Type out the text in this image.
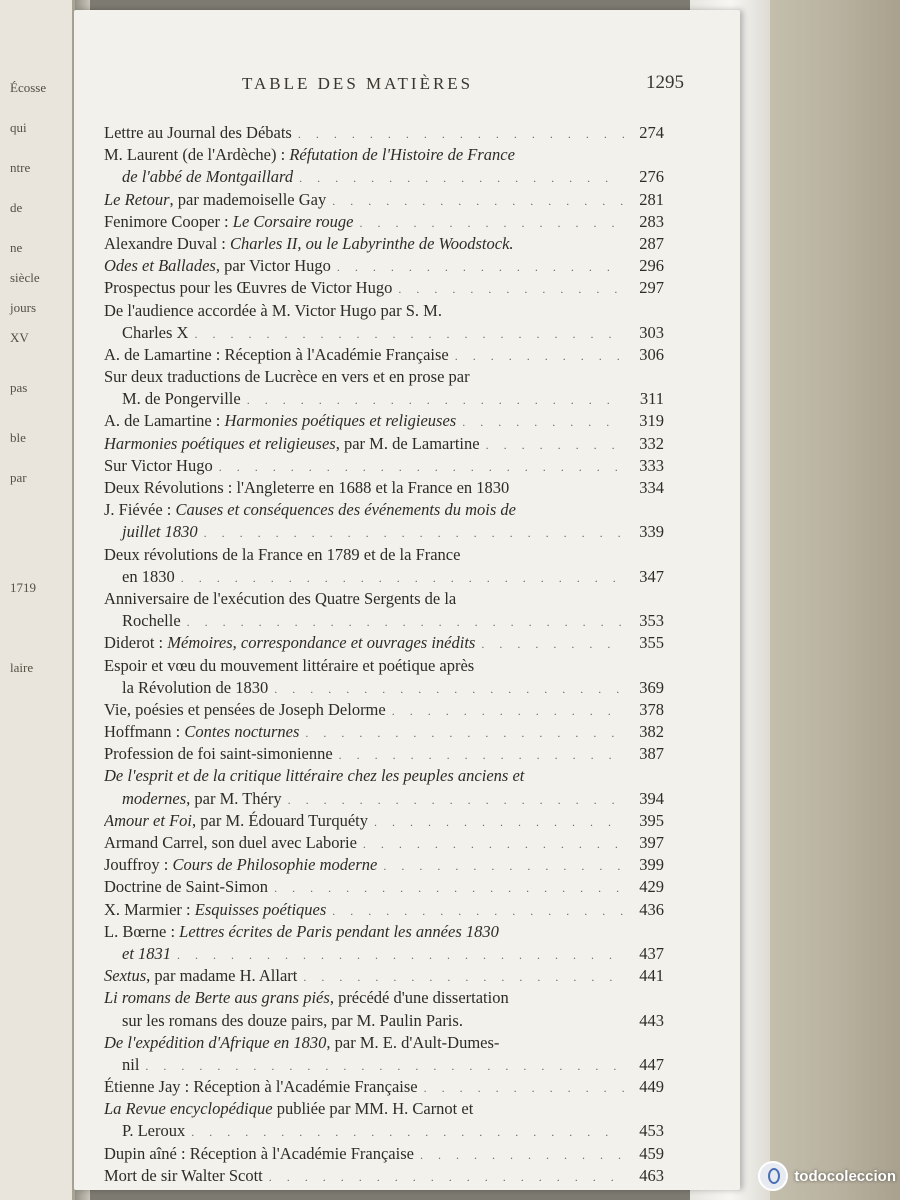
Écosse
qui
ntre
de
ne
siècle
jours
XV
pas
ble
par
1719
laire
TABLE DES MATIÈRES	1295
Lettre au Journal des Débats . . .	274
M. Laurent (de l'Ardèche) : Réfutation de l'Histoire de France
de l'abbé de Montgaillard . . .	276
Le Retour, par mademoiselle Gay . . .	281
Fenimore Cooper : Le Corsaire rouge . . .	283
Alexandre Duval : Charles II, ou le Labyrinthe de Woodstock.	287
Odes et Ballades, par Victor Hugo . . .	296
Prospectus pour les Œuvres de Victor Hugo . . .	297
De l'audience accordée à M. Victor Hugo par S. M.
Charles X . . .	303
A. de Lamartine : Réception à l'Académie Française . . .	306
Sur deux traductions de Lucrèce en vers et en prose par
M. de Pongerville . . .	311
A. de Lamartine : Harmonies poétiques et religieuses . . .	319
Harmonies poétiques et religieuses, par M. de Lamartine . . .	332
Sur Victor Hugo . . .	333
Deux Révolutions : l'Angleterre en 1688 et la France en 1830	334
J. Fiévée : Causes et conséquences des événements du mois de
juillet 1830 . . .	339
Deux révolutions de la France en 1789 et de la France
en 1830 . . .	347
Anniversaire de l'exécution des Quatre Sergents de la
Rochelle . . .	353
Diderot : Mémoires, correspondance et ouvrages inédits . . .	355
Espoir et vœu du mouvement littéraire et poétique après
la Révolution de 1830 . . .	369
Vie, poésies et pensées de Joseph Delorme . . .	378
Hoffmann : Contes nocturnes . . .	382
Profession de foi saint-simonienne . . .	387
De l'esprit et de la critique littéraire chez les peuples anciens et
modernes, par M. Théry . . .	394
Amour et Foi, par M. Édouard Turquéty . . .	395
Armand Carrel, son duel avec Laborie . . .	397
Jouffroy : Cours de Philosophie moderne . . .	399
Doctrine de Saint-Simon . . .	429
X. Marmier : Esquisses poétiques . . .	436
L. Bœrne : Lettres écrites de Paris pendant les années 1830
et 1831 . . .	437
Sextus, par madame H. Allart . . .	441
Li romans de Berte aus grans piés, précédé d'une dissertation
sur les romans des douze pairs, par M. Paulin Paris.	443
De l'expédition d'Afrique en 1830, par M. E. d'Ault-Dumes-
nil . . .	447
Étienne Jay : Réception à l'Académie Française . . .	449
La Revue encyclopédique publiée par MM. H. Carnot et
P. Leroux . . .	453
Dupin aîné : Réception à l'Académie Française . . .	459
Mort de sir Walter Scott . . .	463	todocoleccion
